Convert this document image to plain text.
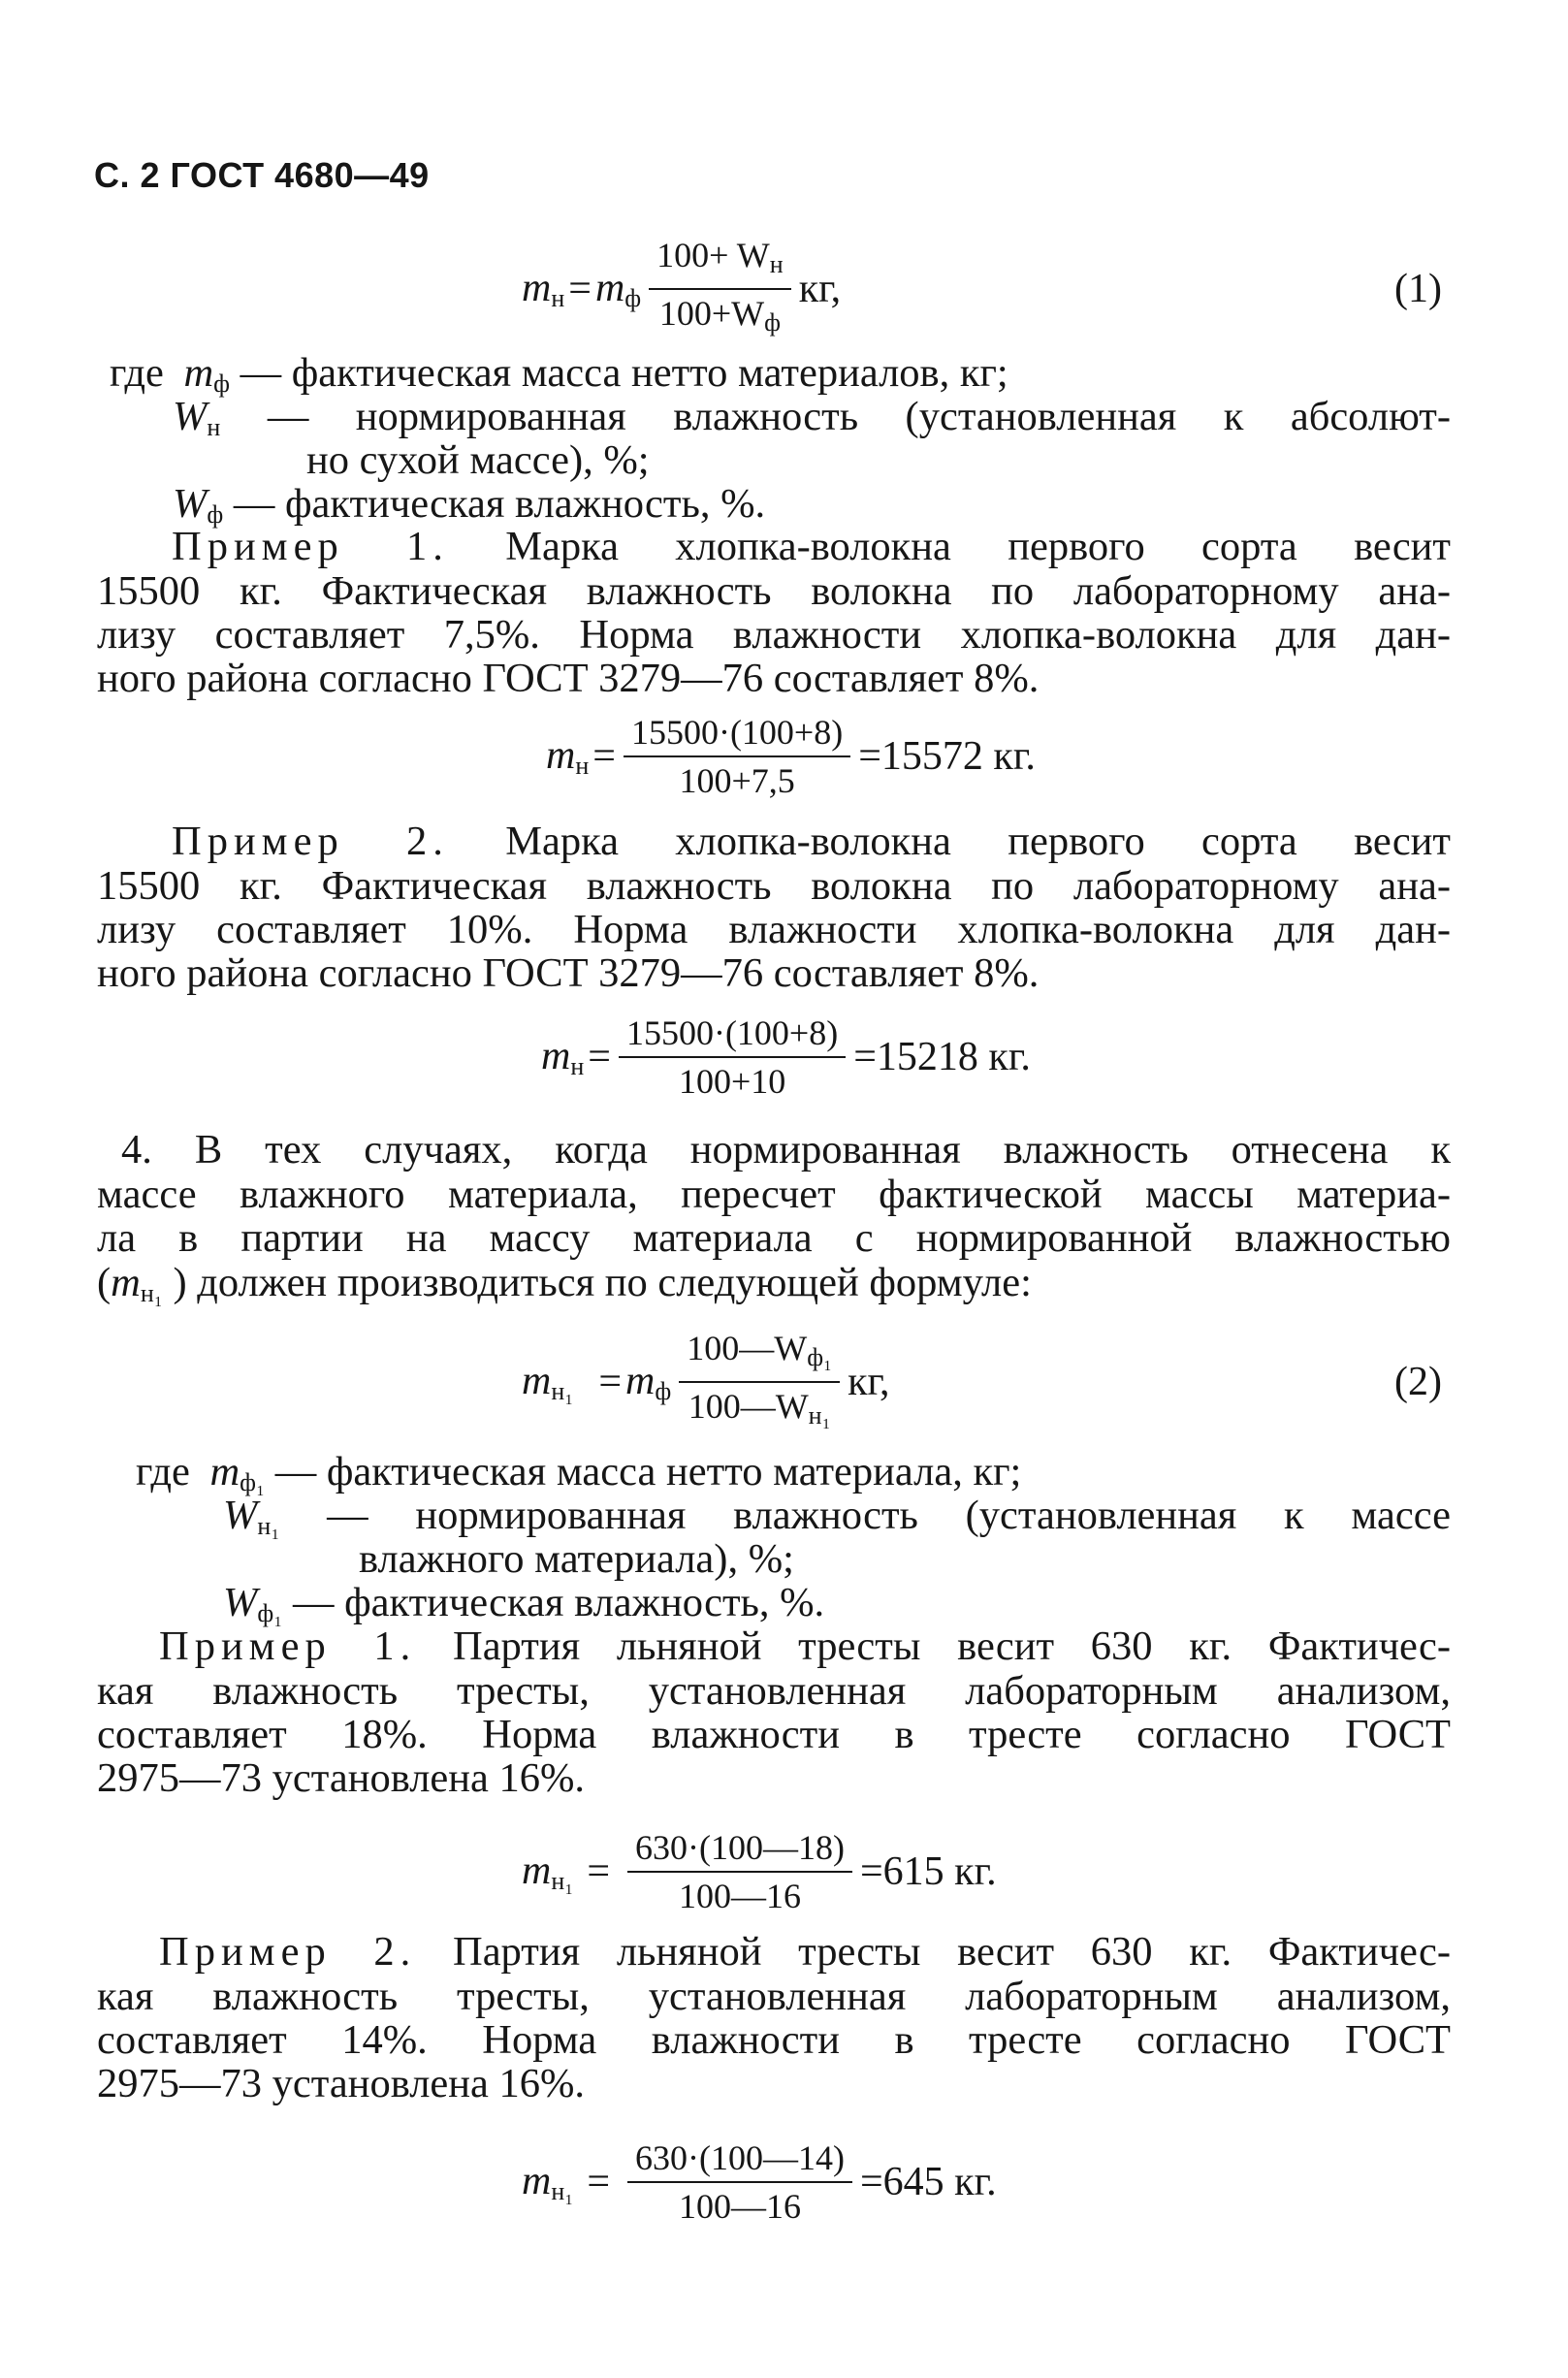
С. 2 ГОСТ 4680—49
$m_н = m_ф \frac{100+ W_н}{100+W_ф}$ кг,	(1)
где $m_ф$ — фактическая масса нетто материалов, кг;
$W_н$ — нормированная влажность (установленная к абсолют-
но сухой массе), %;
$W_ф$ — фактическая влажность, %.
Пример 1. Марка хлопка-волокна первого сорта весит
15500 кг. Фактическая влажность волокна по лабораторному ана-
лизу составляет 7,5%. Норма влажности хлопка-волокна для дан-
ного района согласно ГОСТ 3279—76 составляет 8%.
$m_н = \frac{15500\cdot(100+8)}{100+7,5} =15572$ кг.
Пример 2. Марка хлопка-волокна первого сорта весит
15500 кг. Фактическая влажность волокна по лабораторному ана-
лизу составляет 10%. Норма влажности хлопка-волокна для дан-
ного района согласно ГОСТ 3279—76 составляет 8%.
$m_н = \frac{15500\cdot(100+8)}{100+10} =15218$ кг.
4. В тех случаях, когда нормированная влажность отнесена к
массе влажного материала, пересчет фактической массы материа-
ла в партии на массу материала с нормированной влажностью
($m_{н_1}$ ) должен производиться по следующей формуле:
$m_{н_1} = m_ф \frac{100—W_{ф_1}}{100—W_{н_1}}$ кг,	(2)
где $m_{ф_1}$ — фактическая масса нетто материала, кг;
$W_{н_1}$ — нормированная влажность (установленная к массе
влажного материала), %;
$W_{ф_1}$ — фактическая влажность, %.
Пример 1. Партия льняной тресты весит 630 кг. Фактичес-
кая влажность тресты, установленная лабораторным анализом,
составляет 18%. Норма влажности в тресте согласно ГОСТ
2975—73 установлена 16%.
$m_{н_1} = \frac{630\cdot(100—18)}{100—16} =615$ кг.
Пример 2. Партия льняной тресты весит 630 кг. Фактичес-
кая влажность тресты, установленная лабораторным анализом,
составляет 14%. Норма влажности в тресте согласно ГОСТ
2975—73 установлена 16%.
$m_{н_1} = \frac{630\cdot(100—14)}{100—16} =645$ кг.
